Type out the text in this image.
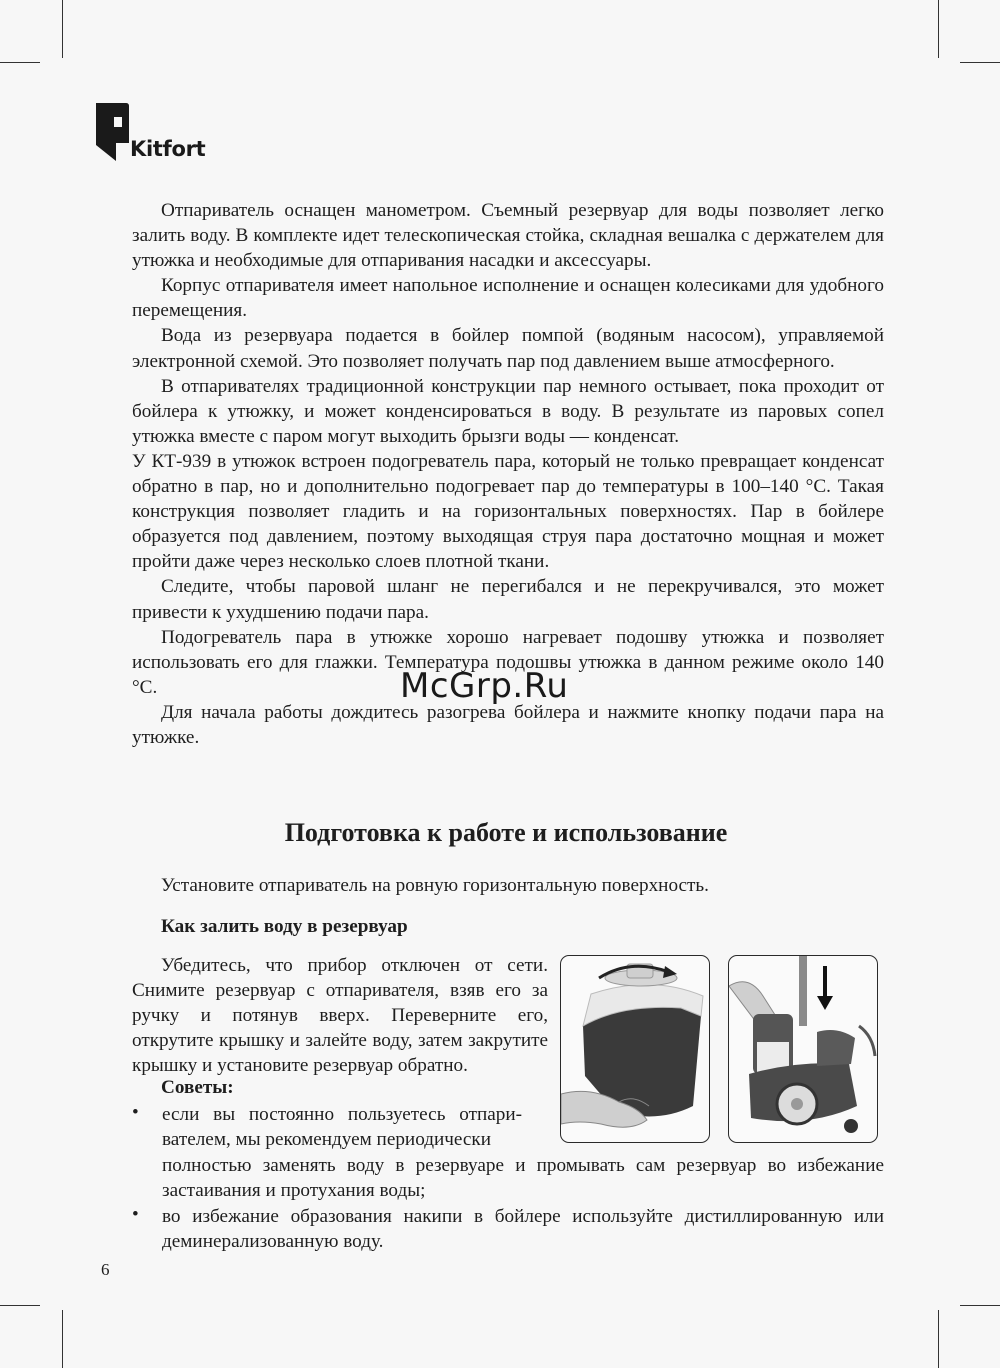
Kitfort

Отпариватель оснащен манометром. Съемный резервуар для воды позволяет легко залить воду. В комплекте идет телескопическая стойка, складная вешалка с держателем для утюжка и необходимые для отпаривания насадки и аксессуары.

Корпус отпаривателя имеет напольное исполнение и оснащен колесиками для удобного перемещения.

Вода из резервуара подается в бойлер помпой (водяным насосом), управляемой электронной схемой. Это позволяет получать пар под давлением выше атмосферного.

В отпаривателях традиционной конструкции пар немного остывает, пока проходит от бойлера к утюжку, и может конденсироваться в воду. В результате из паровых сопел утюжка вместе с паром могут выходить брызги воды — конденсат.

У КТ-939 в утюжок встроен подогреватель пара, который не только превращает конденсат обратно в пар, но и дополнительно подогревает пар до температуры в 100–140 °С. Такая конструкция позволяет гладить и на горизонтальных поверхностях. Пар в бойлере образуется под давлением, поэтому выходящая струя пара достаточно мощная и может пройти даже через несколько слоев плотной ткани.

Следите, чтобы паровой шланг не перегибался и не перекручивался, это может привести к ухудшению подачи пара.

Подогреватель пара в утюжке хорошо нагревает подошву утюжка и позволяет использовать его для глажки. Температура подошвы утюжка в данном режиме около 140 °С.

Для начала работы дождитесь разогрева бойлера и нажмите кнопку подачи пара на утюжке.

McGrp.Ru
Подготовка к работе и использование
Установите отпариватель на ровную горизонтальную поверхность.
Как залить воду в резервуар

Убедитесь, что прибор отключен от сети. Снимите резервуар с отпаривателя, взяв его за ручку и потянув вверх. Переверните его, открутите крышку и залейте воду, затем закрутите крышку и установите резервуар обратно.

Советы:
• если вы постоянно пользуетесь отпаривателем, мы рекомендуем периодически
полностью заменять воду в резервуаре и промывать сам резервуар во избежание застаивания и протухания воды;
• во избежание образования накипи в бойлере используйте дистиллированную или деминерализованную воду.
6
